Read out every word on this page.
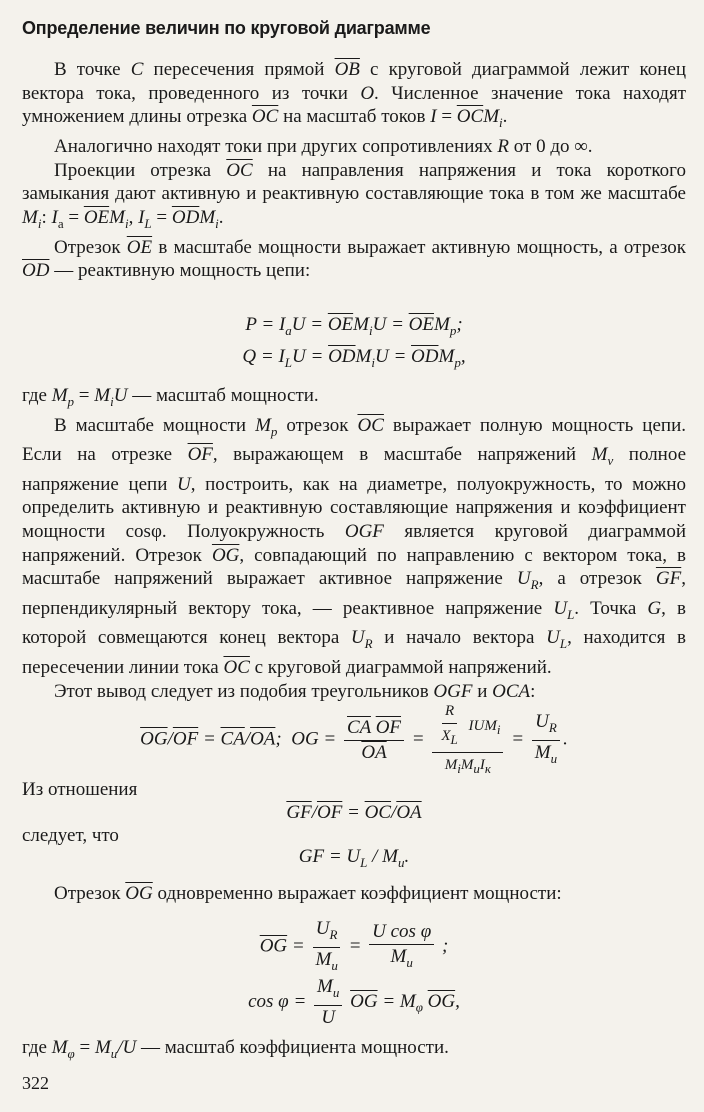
Определение величин по круговой диаграмме

В точке C пересечения прямой $\overline{OB}$ с круговой диаграммой лежит конец вектора тока, проведенного из точки O. Численное значение тока находят умножением длины отрезка $\overline{OC}$ на масштаб токов $I = \overline{OC}M_i$.

Аналогично находят токи при других сопротивлениях R от 0 до ∞.

Проекции отрезка $\overline{OC}$ на направления напряжения и тока короткого замыкания дают активную и реактивную составляющие тока в том же масштабе $M_i$: $I_а = \overline{OE}M_i$, $I_L = \overline{OD}M_i$.

Отрезок $\overline{OE}$ в масштабе мощности выражает активную мощность, а отрезок $\overline{OD}$ — реактивную мощность цепи:

$P = I_aU = \overline{OE}M_iU = \overline{OE}M_p$;
$Q = I_LU = \overline{OD}M_iU = \overline{OD}M_p$,

где $M_p = M_iU$ — масштаб мощности.

В масштабе мощности $M_p$ отрезок $\overline{OC}$ выражает полную мощность цепи. Если на отрезке $\overline{OF}$, выражающем в масштабе напряжений $M_v$ полное напряжение цепи U, построить, как на диаметре, полуокружность, то можно определить активную и реактивную составляющие напряжения и коэффициент мощности cosφ. Полуокружность OGF является круговой диаграммой напряжений. Отрезок $\overline{OG}$, совпадающий по направлению с вектором тока, в масштабе напряжений выражает активное напряжение $U_R$, а отрезок $\overline{GF}$, перпендикулярный вектору тока, — реактивное напряжение $U_L$. Точка G, в которой совмещаются конец вектора $U_R$ и начало вектора $U_L$, находится в пересечении линии тока $\overline{OC}$ с круговой диаграммой напряжений.

Этот вывод следует из подобия треугольников OGF и OCA:

$\overline{OG}/\overline{OF} = \overline{CA}/\overline{OA}$;  OG = $\frac{\overline{CA} \overline{OF}}{OA} = \frac{\frac{R}{X_L} IUM_i}{M_iM_uI_к} = \frac{U_R}{M_u}$ .

Из отношения

$\overline{GF}/\overline{OF} = \overline{OC}/\overline{OA}$

следует, что

GF = $U_L / M_u$.

Отрезок $\overline{OG}$ одновременно выражает коэффициент мощности:

$\overline{OG} = \frac{U_R}{M_u} = \frac{\text{U cos φ}}{M_u}$ ;
$\cos \varphi = \frac{M_u}{U} \overline{OG} = M_\varphi$ $\overline{OG}$,

где $M_\varphi = M_u/U$ — масштаб коэффициента мощности.

322
